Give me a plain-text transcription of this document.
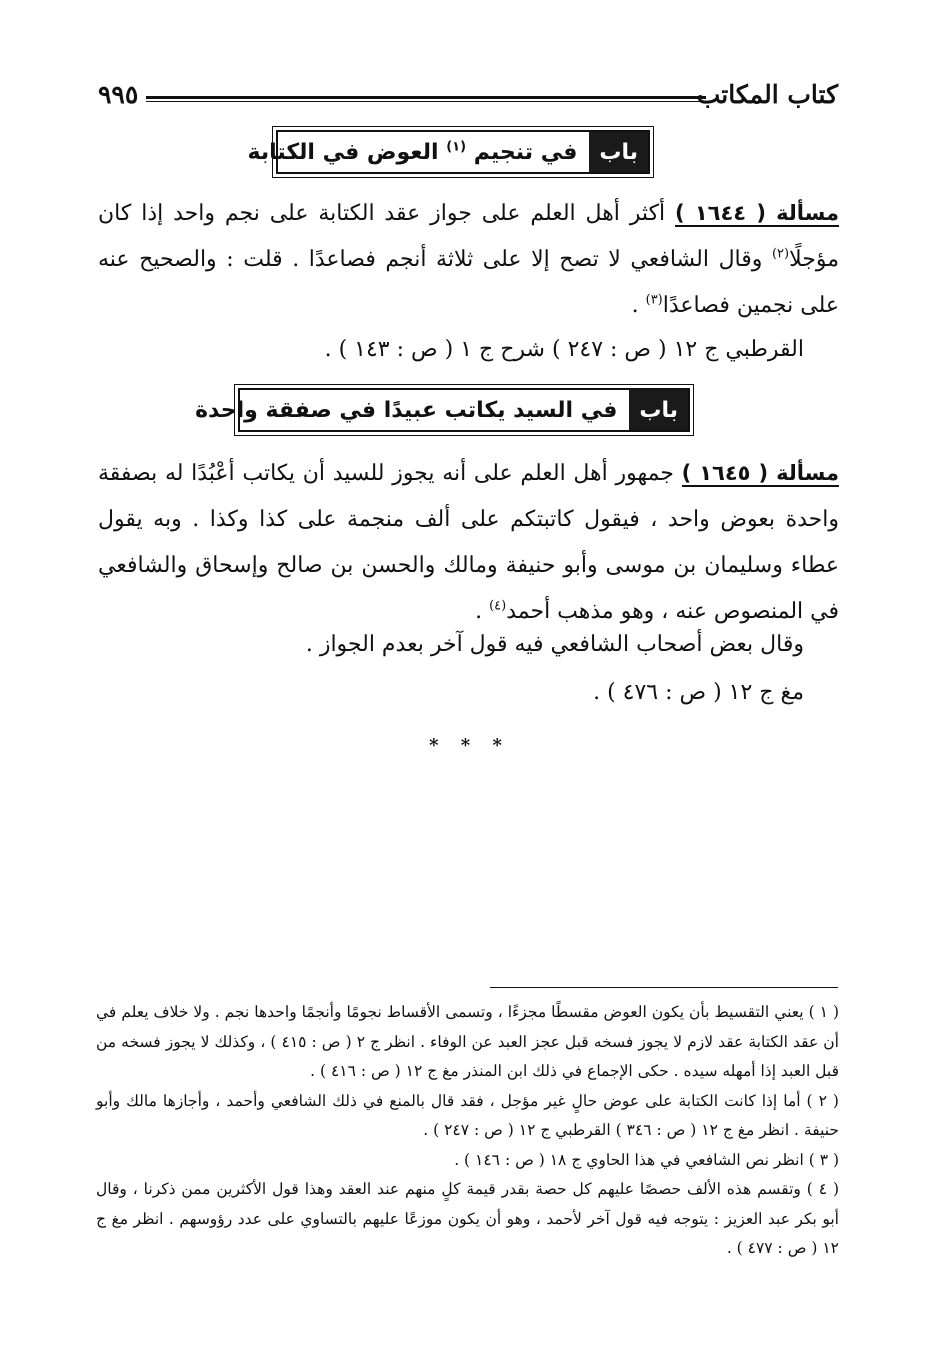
كتاب المكاتب
٩٩٥
باب
في تنجيم $^{(١)}$ العوض في الكتابة
مسألة ( ١٦٤٤ ) أكثر أهل العلم على جواز عقد الكتابة على نجم واحد إذا كان مؤجلًا$^{(٢)}$ وقال الشافعي لا تصح إلا على ثلاثة أنجم فصاعدًا . قلت : والصحيح عنه على نجمين فصاعدًا$^{(٣)}$ .
القرطبي ج ١٢ ( ص : ٢٤٧ ) شرح ج ١ ( ص : ١٤٣ ) .
باب
في السيد يكاتب عبيدًا في صفقة واحدة
مسألة ( ١٦٤٥ ) جمهور أهل العلم على أنه يجوز للسيد أن يكاتب أعْبُدًا له بصفقة واحدة بعوض واحد ، فيقول كاتبتكم على ألف منجمة على كذا وكذا . وبه يقول عطاء وسليمان بن موسى وأبو حنيفة ومالك والحسن بن صالح وإسحاق والشافعي في المنصوص عنه ، وهو مذهب أحمد$^{(٤)}$ .
وقال بعض أصحاب الشافعي فيه قول آخر بعدم الجواز .
مغ ج ١٢ ( ص : ٤٧٦ ) .
* * *

( ١ ) يعني التقسيط بأن يكون العوض مقسطًا مجزءًا ، وتسمى الأقساط نجومًا وأنجمًا واحدها نجم . ولا خلاف يعلم في أن عقد الكتابة عقد لازم لا يجوز فسخه قبل عجز العبد عن الوفاء . انظر ج ٢ ( ص : ٤١٥ ) ، وكذلك لا يجوز فسخه من قبل العبد إذا أمهله سيده . حكى الإجماع في ذلك ابن المنذر مغ ج ١٢ ( ص : ٤١٦ ) .

( ٢ ) أما إذا كانت الكتابة على عوض حالٍ غير مؤجل ، فقد قال بالمنع في ذلك الشافعي وأحمد ، وأجازها مالك وأبو حنيفة . انظر مغ ج ١٢ ( ص : ٣٤٦ ) القرطبي ج ١٢ ( ص : ٢٤٧ ) .

( ٣ ) انظر نص الشافعي في هذا الحاوي ج ١٨ ( ص : ١٤٦ ) .

( ٤ ) وتقسم هذه الألف حصصًا عليهم كل حصة بقدر قيمة كلٍ منهم عند العقد وهذا قول الأكثرين ممن ذكرنا ، وقال أبو بكر عبد العزيز : يتوجه فيه قول آخر لأحمد ، وهو أن يكون موزعًا عليهم بالتساوي على عدد رؤوسهم . انظر مغ ج ١٢ ( ص : ٤٧٧ ) .
